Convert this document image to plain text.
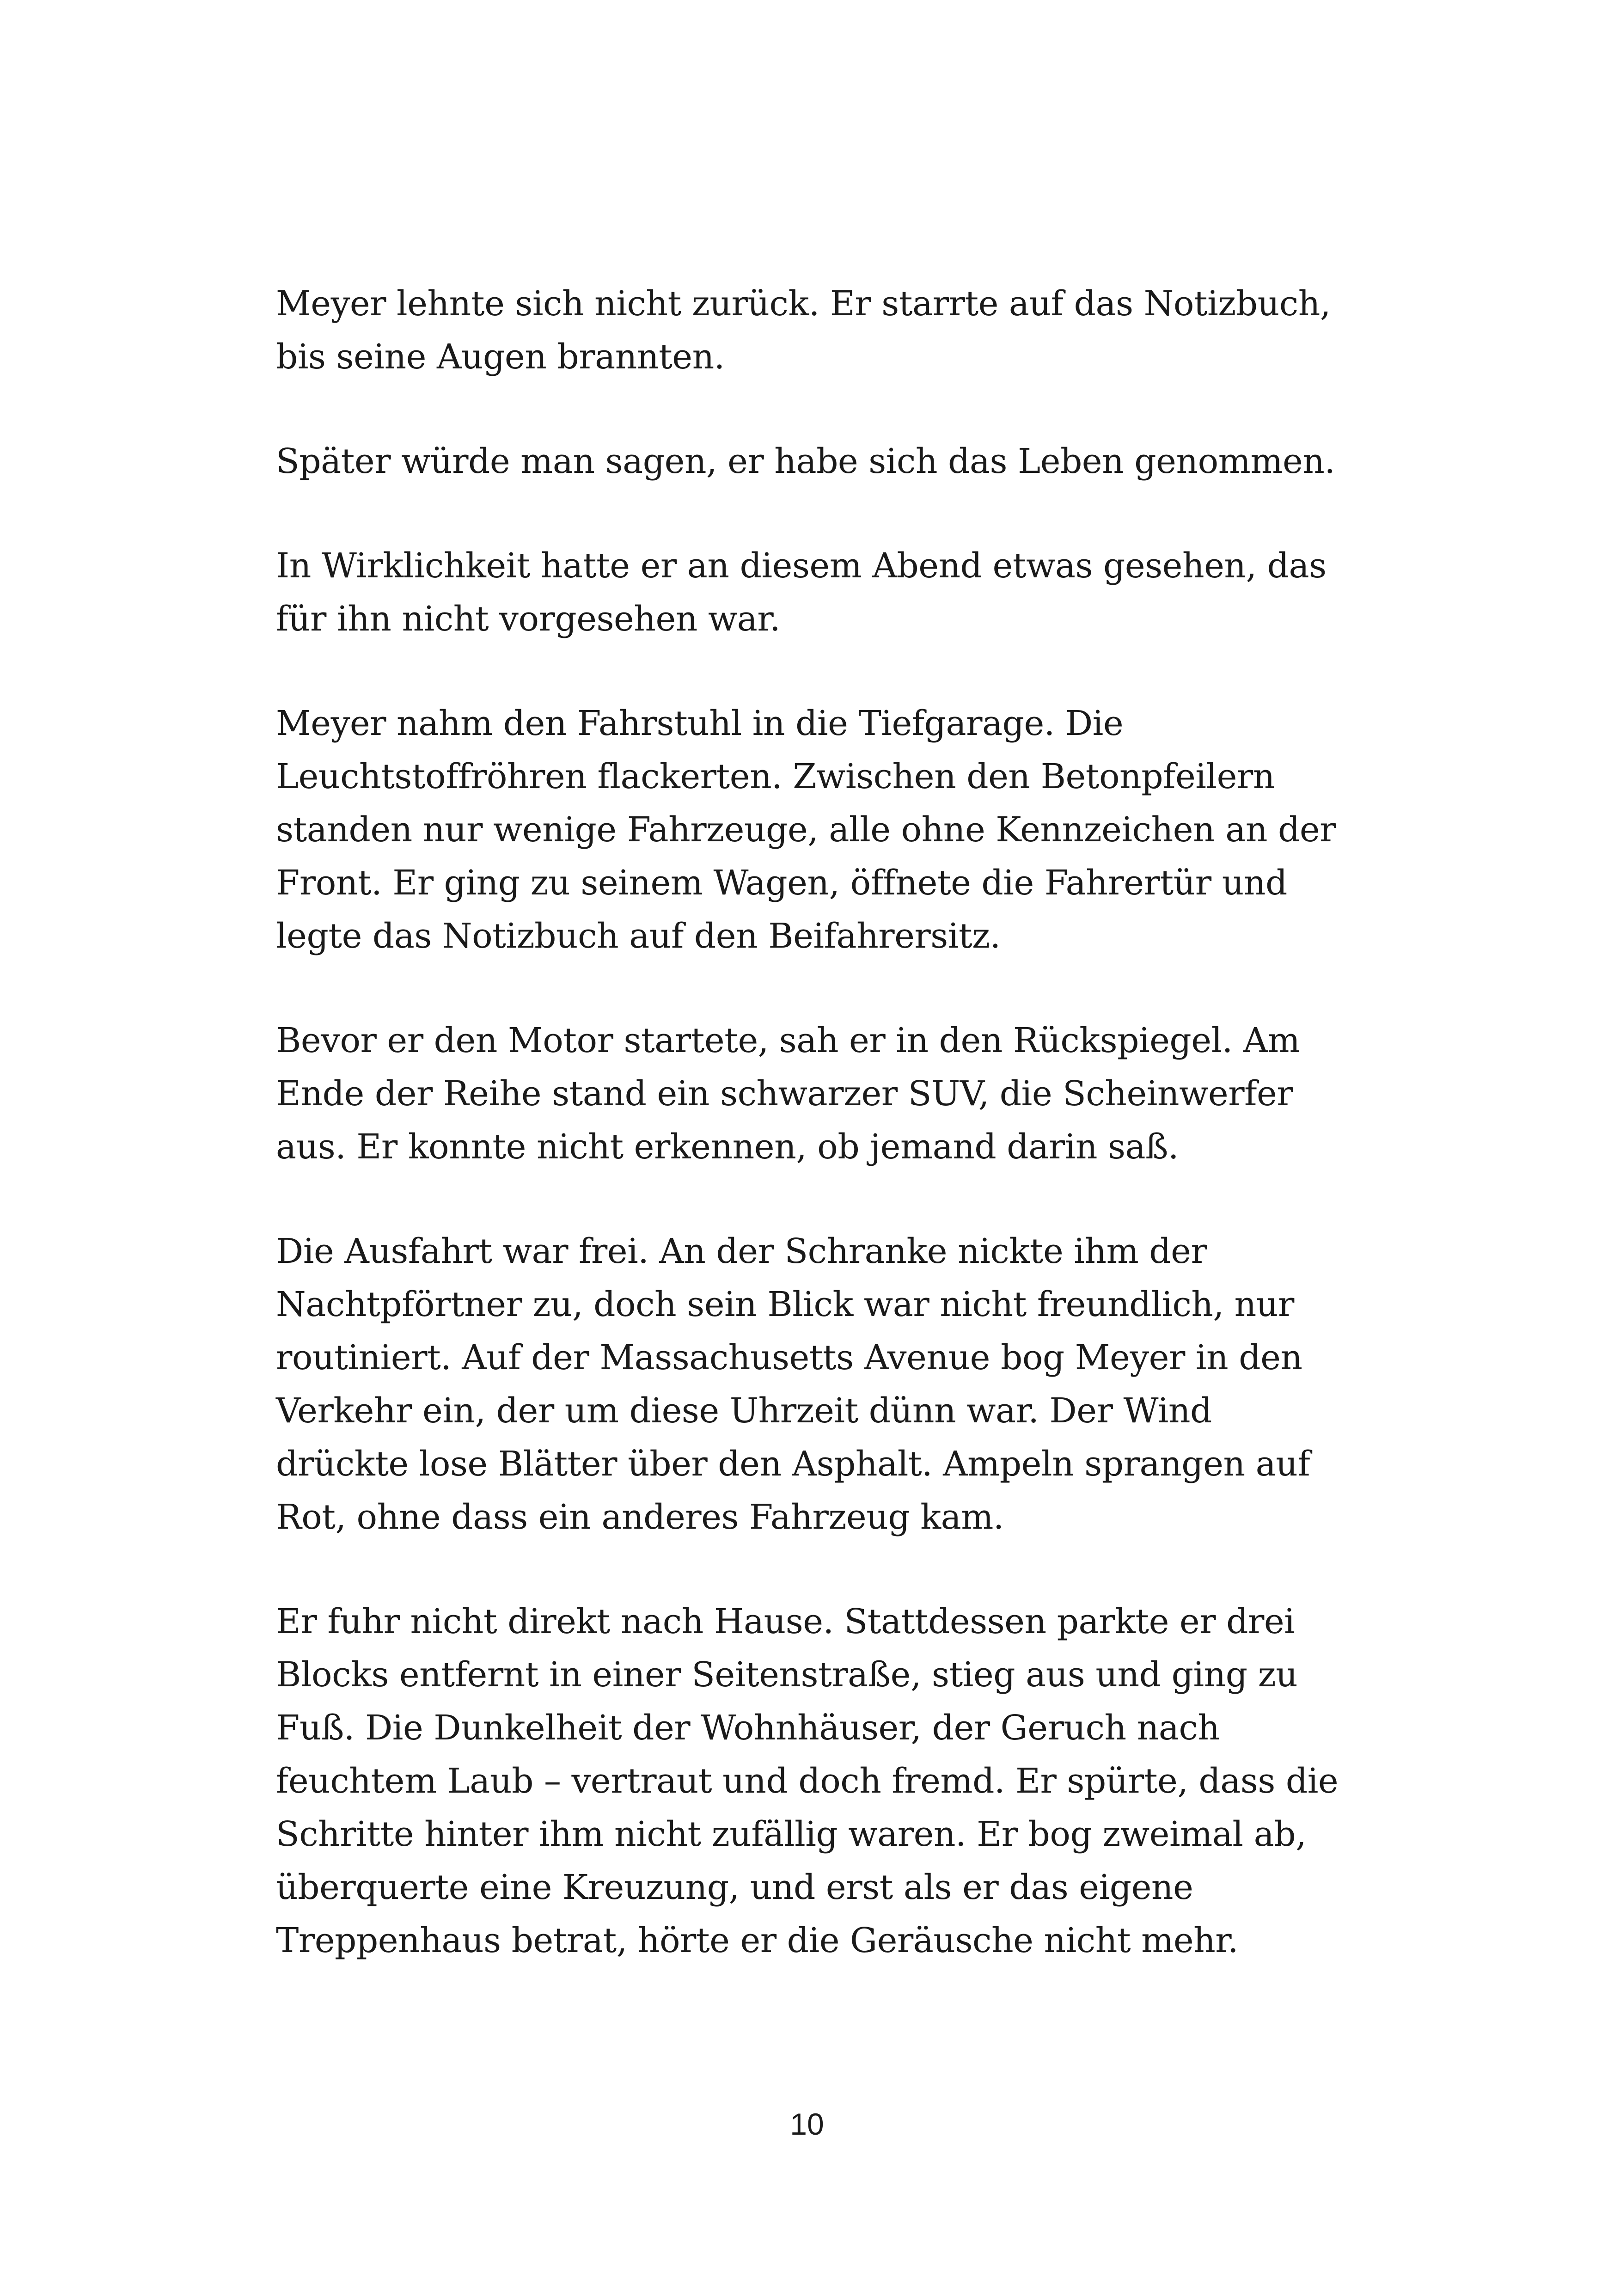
Meyer lehnte sich nicht zurück. Er starrte auf das Notizbuch,
bis seine Augen brannten.
Später würde man sagen, er habe sich das Leben genommen.
In Wirklichkeit hatte er an diesem Abend etwas gesehen, das
für ihn nicht vorgesehen war.
Meyer nahm den Fahrstuhl in die Tiefgarage. Die
Leuchtstoffröhren flackerten. Zwischen den Betonpfeilern
standen nur wenige Fahrzeuge, alle ohne Kennzeichen an der
Front. Er ging zu seinem Wagen, öffnete die Fahrertür und
legte das Notizbuch auf den Beifahrersitz.
Bevor er den Motor startete, sah er in den Rückspiegel. Am
Ende der Reihe stand ein schwarzer SUV, die Scheinwerfer
aus. Er konnte nicht erkennen, ob jemand darin saß.
Die Ausfahrt war frei. An der Schranke nickte ihm der
Nachtpförtner zu, doch sein Blick war nicht freundlich, nur
routiniert. Auf der Massachusetts Avenue bog Meyer in den
Verkehr ein, der um diese Uhrzeit dünn war. Der Wind
drückte lose Blätter über den Asphalt. Ampeln sprangen auf
Rot, ohne dass ein anderes Fahrzeug kam.
Er fuhr nicht direkt nach Hause. Stattdessen parkte er drei
Blocks entfernt in einer Seitenstraße, stieg aus und ging zu
Fuß. Die Dunkelheit der Wohnhäuser, der Geruch nach
feuchtem Laub – vertraut und doch fremd. Er spürte, dass die
Schritte hinter ihm nicht zufällig waren. Er bog zweimal ab,
überquerte eine Kreuzung, und erst als er das eigene
Treppenhaus betrat, hörte er die Geräusche nicht mehr.
10
